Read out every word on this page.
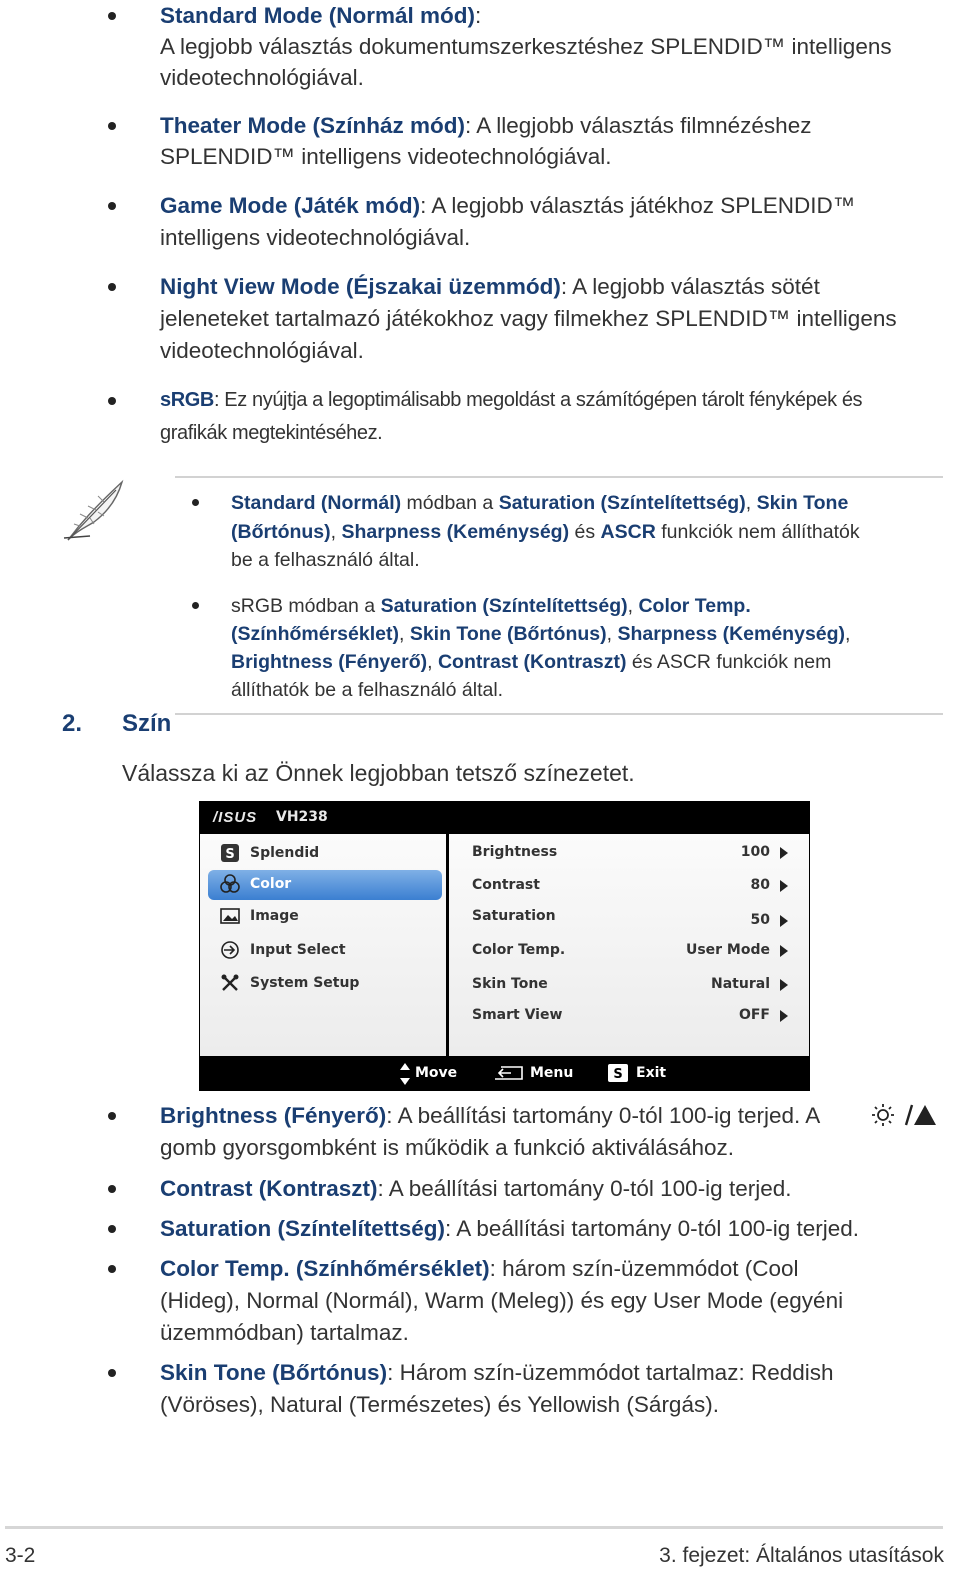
Standard Mode (Normál mód):
A legjobb választás dokumentumszerkesztéshez SPLENDID™ intelligens
videotechnológiával.
Theater Mode (Színház mód): A llegjobb választás filmnézéshez
SPLENDID™ intelligens videotechnológiával.
Game Mode (Játék mód): A legjobb választás játékhoz SPLENDID™
intelligens videotechnológiával.
Night View Mode (Éjszakai üzemmód): A legjobb választás sötét
jeleneteket tartalmazó játékokhoz vagy filmekhez SPLENDID™ intelligens
videotechnológiával.
sRGB: Ez nyújtja a legoptimálisabb megoldást a számítógépen tárolt fényképek és
grafikák megtekintéséhez.
Standard (Normál) módban a Saturation (Színtelítettség), Skin Tone
(Bőrtónus), Sharpness (Keménység) és ASCR funkciók nem állíthatók
be a felhasználó által.
sRGB módban a Saturation (Színtelítettség), Color Temp.
(Színhőmérséklet), Skin Tone (Bőrtónus), Sharpness (Keménység),
Brightness (Fényerő), Contrast (Kontraszt) és ASCR funkciók nem
állíthatók be a felhasználó által.
2. Szín
Válassza ki az Önnek legjobban tetsző színezetet.
/ISUS VH238
S Splendid
Color
Image
Input Select
System Setup
Brightness	100
Contrast	80
Saturation	50
Color Temp.	User Mode
Skin Tone	Natural
Smart View	OFF
Move	Menu	S Exit
Brightness (Fényerő): A beállítási tartomány 0-tól 100-ig terjed. A
gomb gyorsgombként is működik a funkció aktiválásához.
Contrast (Kontraszt): A beállítási tartomány 0-tól 100-ig terjed.
Saturation (Színtelítettség): A beállítási tartomány 0-tól 100-ig terjed.
Color Temp. (Színhőmérséklet): három szín-üzemmódot (Cool
(Hideg), Normal (Normál), Warm (Meleg)) és egy User Mode (egyéni
üzemmódban) tartalmaz.
Skin Tone (Bőrtónus): Három szín-üzemmódot tartalmaz: Reddish
(Vöröses), Natural (Természetes) és Yellowish (Sárgás).
3-2	3. fejezet: Általános utasítások
